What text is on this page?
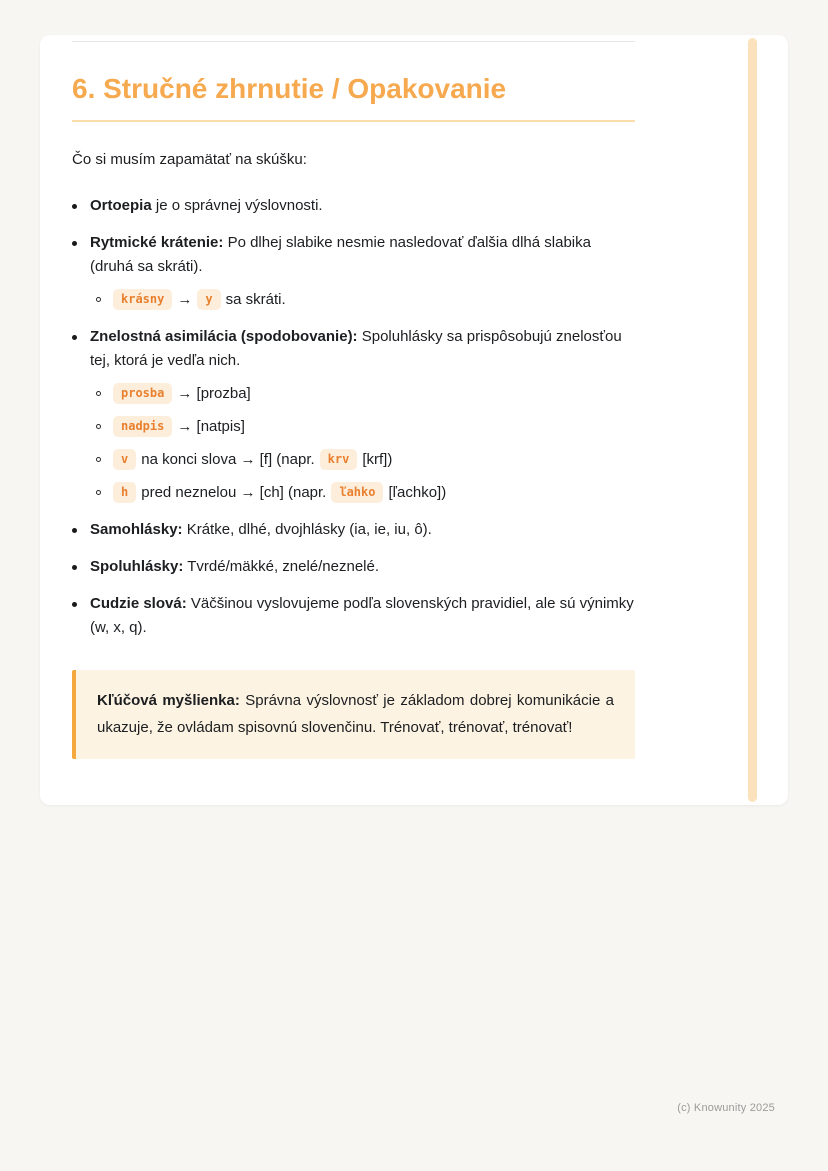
6. Stručné zhrnutie / Opakovanie

Čo si musím zapamätať na skúšku:

Ortoepia je o správnej výslovnosti.
Rytmické krátenie: Po dlhej slabike nesmie nasledovať ďalšia dlhá slabika (druhá sa skráti).
krásny → y sa skráti.
Znelostná asimilácia (spodobovanie): Spoluhlásky sa prispôsobujú znelosťou tej, ktorá je vedľa nich.
prosba → [prozba]
nadpis → [natpis]
v na konci slova → [f] (napr. krv [krf])
h pred neznelou → [ch] (napr. ľahko [ľachko])
Samohlásky: Krátke, dlhé, dvojhlásky (ia, ie, iu, ô).
Spoluhlásky: Tvrdé/mäkké, znelé/neznelé.
Cudzie slová: Väčšinou vyslovujeme podľa slovenských pravidiel, ale sú výnimky (w, x, q).

Kľúčová myšlienka: Správna výslovnosť je základom dobrej komunikácie a ukazuje, že ovládam spisovnú slovenčinu. Trénovať, trénovať, trénovať!

(c) Knowunity 2025
